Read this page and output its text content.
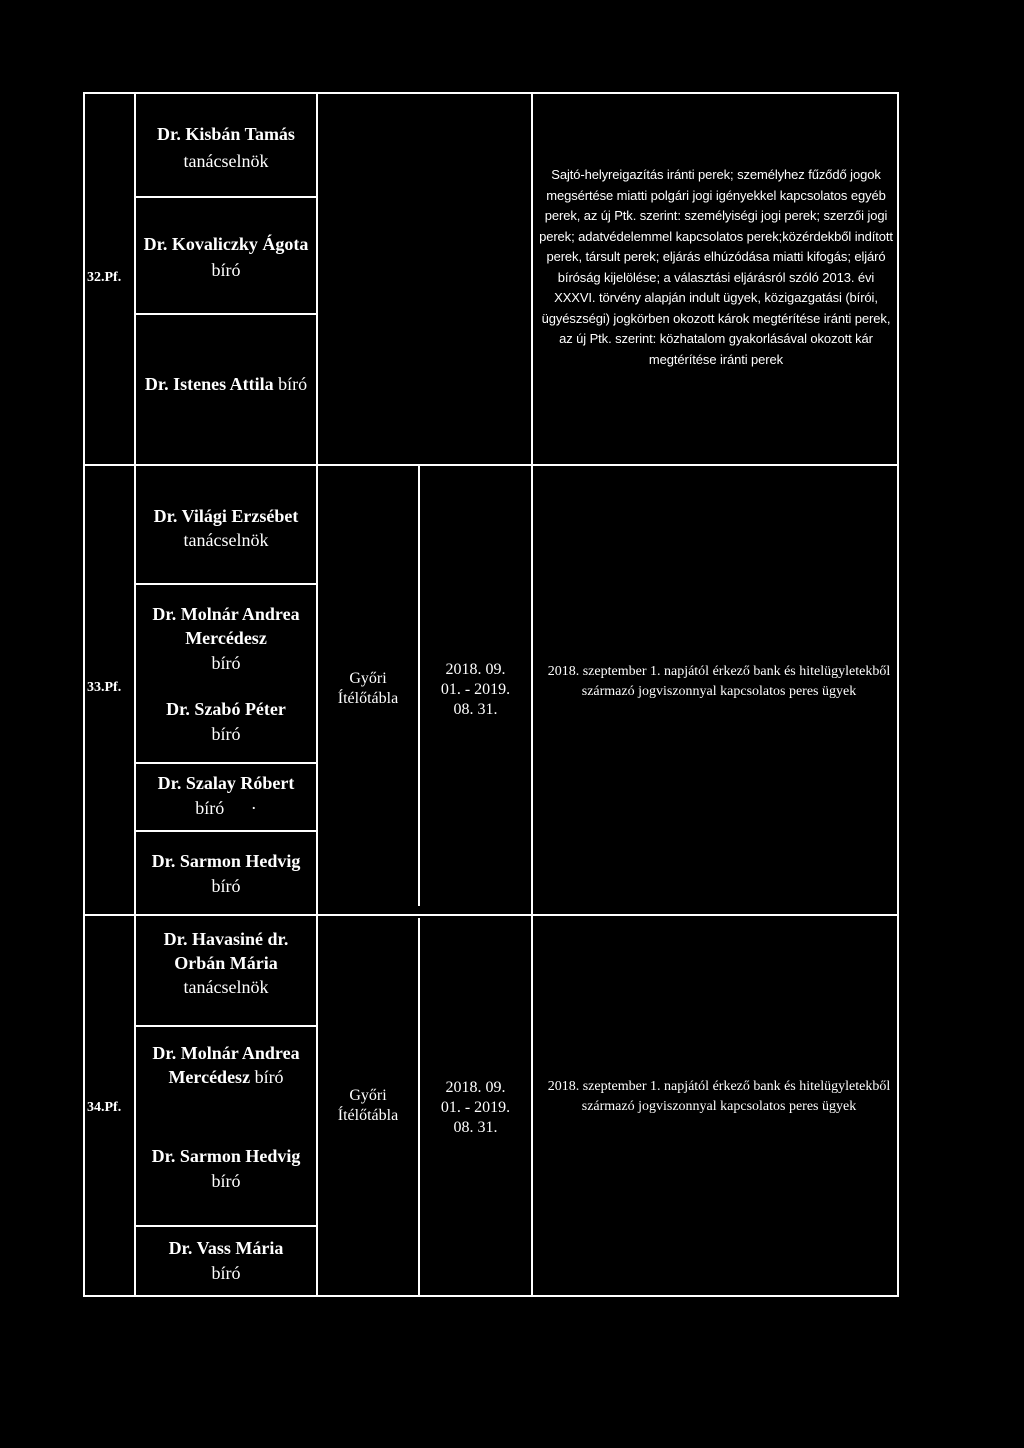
32.Pf.
Dr. Kisbán Tamás
tanácselnök
Dr. Kovaliczky Ágota
bíró
Dr. Istenes Attila bíró
Sajtó-helyreigazítás iránti perek; személyhez fűződő jogok megsértése miatti polgári jogi igényekkel kapcsolatos egyéb perek, az új Ptk. szerint: személyiségi jogi perek; szerzői jogi perek; adatvédelemmel kapcsolatos perek;közérdekből indított perek, társult perek; eljárás elhúzódása miatti kifogás; eljáró bíróság kijelölése; a választási eljárásról szóló 2013. évi XXXVI. törvény alapján indult ügyek, közigazgatási (bírói, ügyészségi) jogkörben okozott károk megtérítése iránti perek, az új Ptk. szerint: közhatalom gyakorlásával okozott kár megtérítése iránti perek
33.Pf.
Dr. Világi Erzsébet
tanácselnök
Dr. Molnár Andrea
Mercédesz
bíró
Dr. Szabó Péter
bíró
Dr. Szalay Róbert
bíró ·
Dr. Sarmon Hedvig
bíró
Győri
Ítélőtábla
2018. 09.
01. - 2019.
08. 31.
2018. szeptember 1. napjától érkező bank és hitelügyletekből származó jogviszonnyal kapcsolatos peres ügyek
34.Pf.
Dr. Havasiné dr.
Orbán Mária
tanácselnök
Dr. Molnár Andrea
Mercédesz bíró
Dr. Sarmon Hedvig
bíró
Dr. Vass Mária
bíró
Győri
Ítélőtábla
2018. 09.
01. - 2019.
08. 31.
2018. szeptember 1. napjától érkező bank és hitelügyletekből származó jogviszonnyal kapcsolatos peres ügyek
